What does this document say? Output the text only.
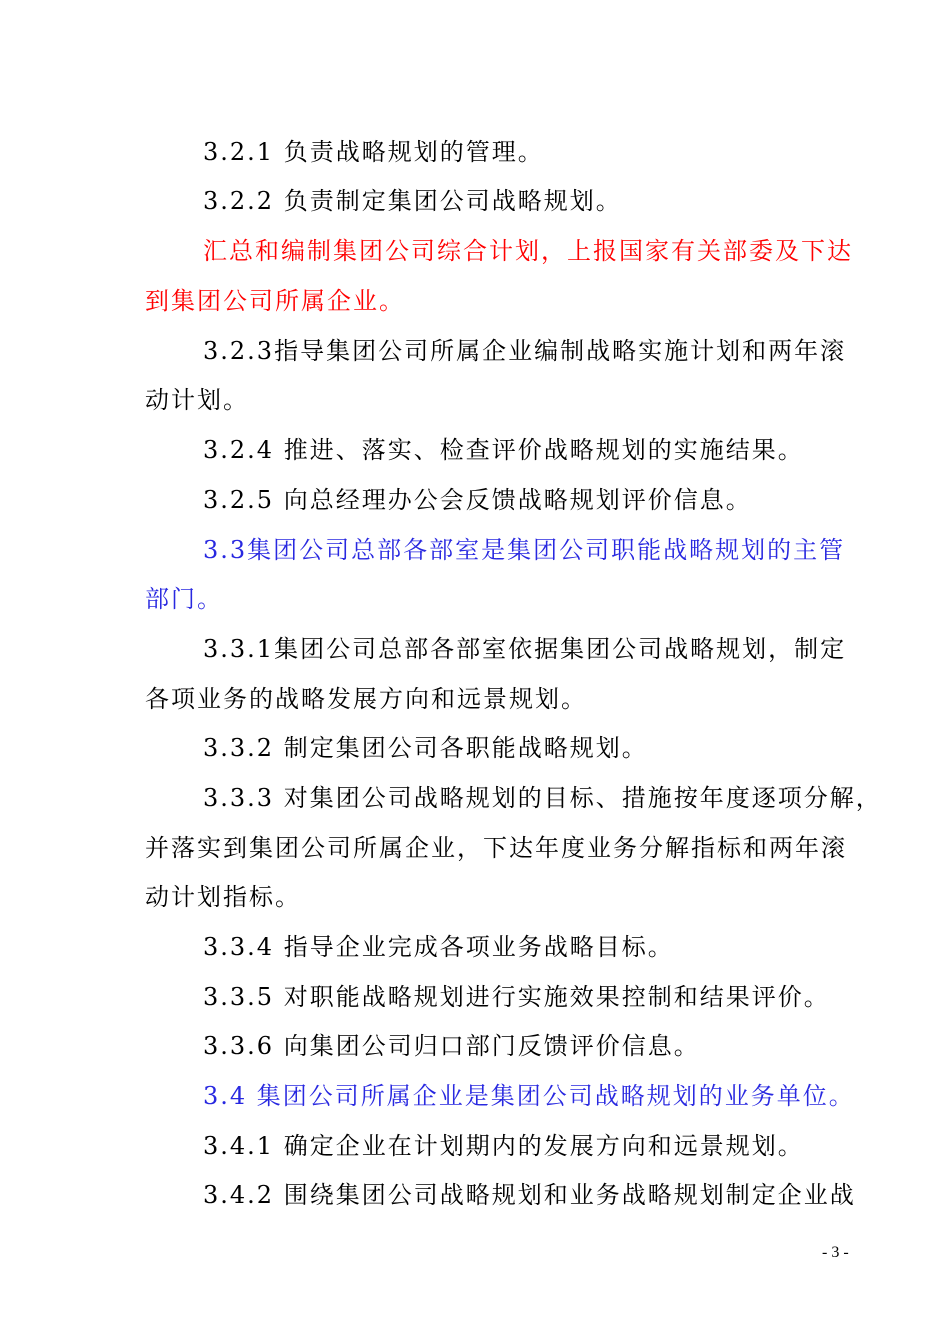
3.2.1 负责战略规划的管理。
3.2.2 负责制定集团公司战略规划。
汇总和编制集团公司综合计划，上报国家有关部委及下达
到集团公司所属企业。
3.2.3指导集团公司所属企业编制战略实施计划和两年滚
动计划。
3.2.4 推进、落实、检查评价战略规划的实施结果。
3.2.5 向总经理办公会反馈战略规划评价信息。
3.3集团公司总部各部室是集团公司职能战略规划的主管
部门。
3.3.1集团公司总部各部室依据集团公司战略规划，制定
各项业务的战略发展方向和远景规划。
3.3.2 制定集团公司各职能战略规划。
3.3.3 对集团公司战略规划的目标、措施按年度逐项分解，
并落实到集团公司所属企业，下达年度业务分解指标和两年滚
动计划指标。
3.3.4 指导企业完成各项业务战略目标。
3.3.5 对职能战略规划进行实施效果控制和结果评价。
3.3.6 向集团公司归口部门反馈评价信息。
3.4 集团公司所属企业是集团公司战略规划的业务单位。
3.4.1 确定企业在计划期内的发展方向和远景规划。
3.4.2 围绕集团公司战略规划和业务战略规划制定企业战
- 3 -
